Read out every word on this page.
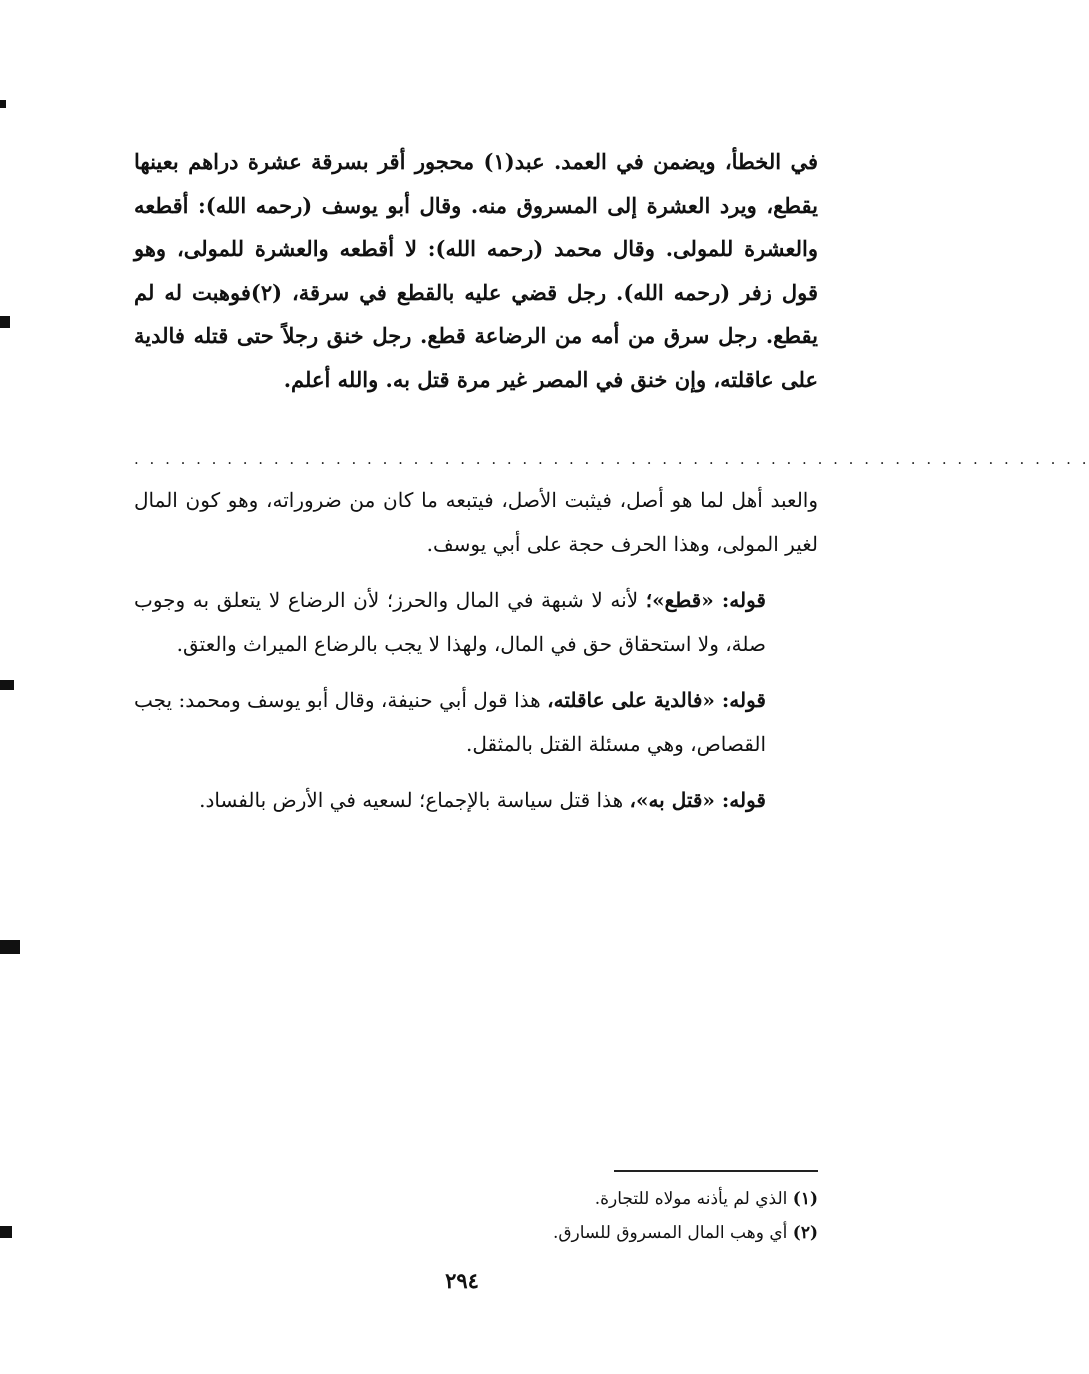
في الخطأ، ويضمن في العمد. عبد(١) محجور أقر بسرقة عشرة دراهم بعينها يقطع، ويرد العشرة إلى المسروق منه. وقال أبو يوسف (رحمه الله): أقطعه والعشرة للمولى. وقال محمد (رحمه الله): لا أقطعه والعشرة للمولى، وهو قول زفر (رحمه الله). رجل قضي عليه بالقطع في سرقة، (٢)فوهبت له لم يقطع. رجل سرق من أمه من الرضاعة قطع. رجل خنق رجلاً حتى قتله فالدية على عاقلته، وإن خنق في المصر غير مرة قتل به. والله أعلم.

. . . . . . . . . . . . . . . . . . . . . . . . . . . . . . . . . . . . . . . . . . . . . . . . . . . . . . . . . . . . . .

والعبد أهل لما هو أصل، فيثبت الأصل، فيتبعه ما كان من ضروراته، وهو كون المال لغير المولى، وهذا الحرف حجة على أبي يوسف.

قوله: «قطع»؛ لأنه لا شبهة في المال والحرز؛ لأن الرضاع لا يتعلق به وجوب صلة، ولا استحقاق حق في المال، ولهذا لا يجب بالرضاع الميراث والعتق.

قوله: «فالدية على عاقلته، هذا قول أبي حنيفة، وقال أبو يوسف ومحمد: يجب القصاص، وهي مسئلة القتل بالمثقل.

قوله: «قتل به»، هذا قتل سياسة بالإجماع؛ لسعيه في الأرض بالفساد.

(١) الذي لم يأذنه مولاه للتجارة.

(٢) أي وهب المال المسروق للسارق.

٢٩٤
